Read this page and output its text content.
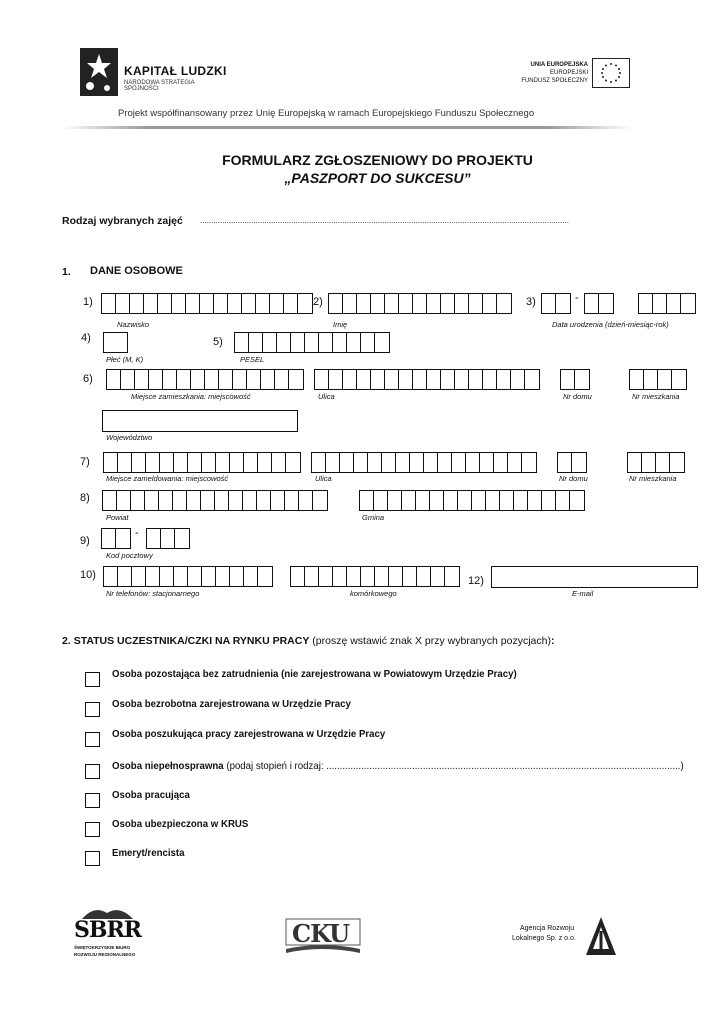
KAPITAŁ LUDZKI
NARODOWA STRATEGIA SPÓJNOŚCI
UNIA EUROPEJSKA
EUROPEJSKI
FUNDUSZ SPOŁECZNY
Projekt współfinansowany przez Unię Europejską w ramach Europejskiego Funduszu Społecznego
FORMULARZ ZGŁOSZENIOWY DO PROJEKTU
„PASZPORT DO SUKCESU”
Rodzaj wybranych zajęć ......................................................................................................................................................................
1. DANE OSOBOWE
1)	2)	3)	-
Nazwisko	Imię	Data urodzenia (dzień-miesiąc-rok)
4)	5)
Płeć (M, K)	PESEL
6)
Miejsce zamieszkania: miejscowość	Ulica	Nr domu	Nr mieszkania
Województwo
7)
Miejsce zameldowania: miejscowość	Ulica	Nr domu	Nr mieszkania
8)
Powiat	Gmina
9)
-
Kod pocztowy
10)	12)
Nr telefonów: stacjonarnego	komórkowego	E-mail
2. STATUS UCZESTNIKA/CZKI NA RYNKU PRACY (proszę wstawić znak X przy wybranych pozycjach):
Osoba pozostająca bez zatrudnienia (nie zarejestrowana w Powiatowym Urzędzie Pracy)
Osoba bezrobotna zarejestrowana w Urzędzie Pracy
Osoba poszukująca pracy zarejestrowana w Urzędzie Pracy
Osoba niepełnosprawna (podaj stopień i rodzaj: ....................................................................................................................................)
Osoba pracująca
Osoba ubezpieczona w KRUS
Emeryt/rencista
SBRR
ŚWIĘTOKRZYSKIE BIURO
ROZWOJU REGIONALNEGO
CKU	Agencja Rozwoju
Lokalnego Sp. z o.o.
